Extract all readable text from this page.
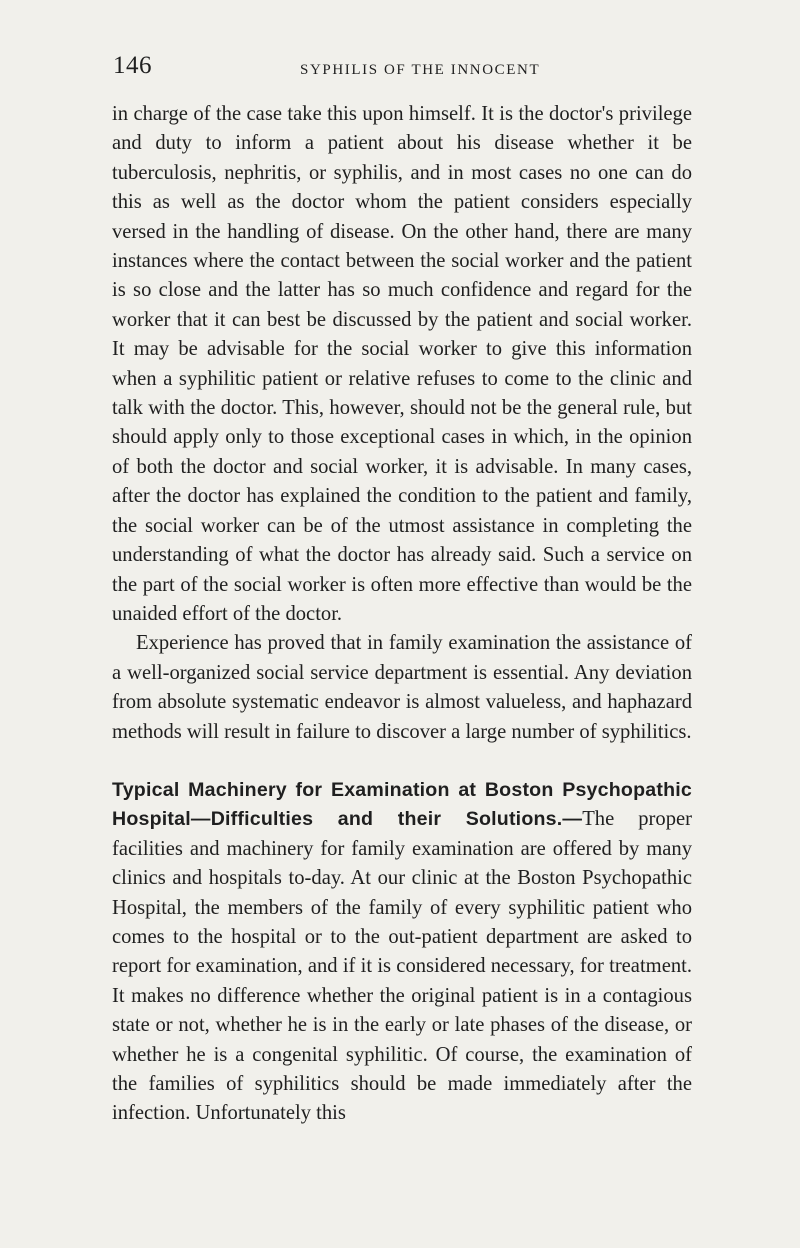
146	SYPHILIS OF THE INNOCENT

in charge of the case take this upon himself. It is the doctor's privilege and duty to inform a patient about his disease whether it be tuberculosis, nephritis, or syphilis, and in most cases no one can do this as well as the doctor whom the patient considers especially versed in the handling of disease. On the other hand, there are many instances where the contact between the social worker and the patient is so close and the latter has so much confidence and regard for the worker that it can best be discussed by the patient and social worker. It may be advisable for the social worker to give this information when a syphilitic patient or relative refuses to come to the clinic and talk with the doctor. This, however, should not be the general rule, but should apply only to those exceptional cases in which, in the opinion of both the doctor and social worker, it is advisable. In many cases, after the doctor has explained the condition to the patient and family, the social worker can be of the utmost assistance in completing the understanding of what the doctor has already said. Such a service on the part of the social worker is often more effective than would be the unaided effort of the doctor.

Experience has proved that in family examination the assistance of a well-organized social service department is essential. Any deviation from absolute systematic endeavor is almost valueless, and haphazard methods will result in failure to discover a large number of syphilitics.

Typical Machinery for Examination at Boston Psychopathic Hospital—Difficulties and their Solutions.—The proper facilities and machinery for family examination are offered by many clinics and hospitals to-day. At our clinic at the Boston Psychopathic Hospital, the members of the family of every syphilitic patient who comes to the hospital or to the out-patient department are asked to report for examination, and if it is considered necessary, for treatment. It makes no difference whether the original patient is in a contagious state or not, whether he is in the early or late phases of the disease, or whether he is a congenital syphilitic. Of course, the examination of the families of syphilitics should be made immediately after the infection. Unfortunately this
